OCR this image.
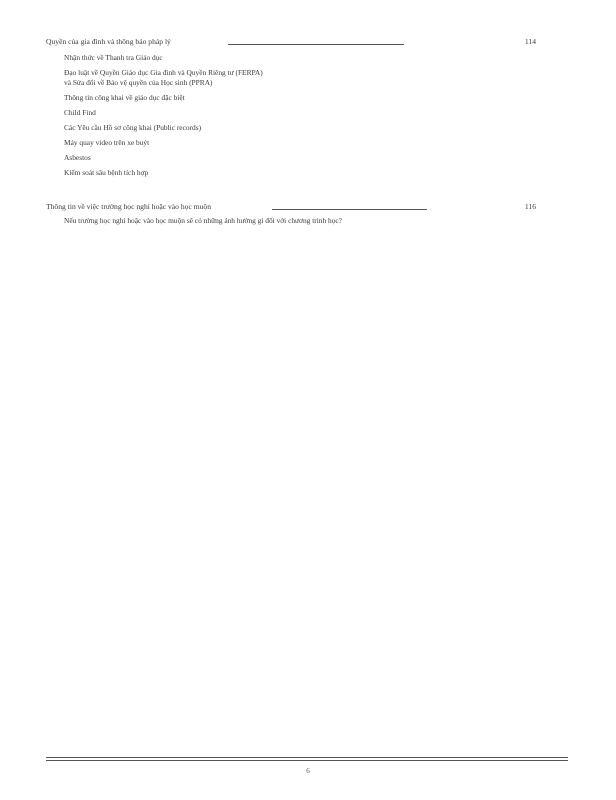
Quyền của gia đình và thông báo pháp lý	114
Nhận thức về Thanh tra Giáo dục
Đạo luật về Quyền Giáo dục Gia đình và Quyền Riêng tư (FERPA)
và Sửa đổi về Bảo vệ quyền của Học sinh (PPRA)
Thông tin công khai về giáo dục đặc biệt
Child Find
Các Yêu cầu Hồ sơ công khai (Public records)
Máy quay video trên xe buýt
Asbestos
Kiểm soát sâu bệnh tích hợp
Thông tin về việc trường học nghỉ hoặc vào học muộn	116
Nếu trường học nghỉ hoặc vào học muộn sẽ có những ảnh hưởng gì đối với chương trình học?
6
